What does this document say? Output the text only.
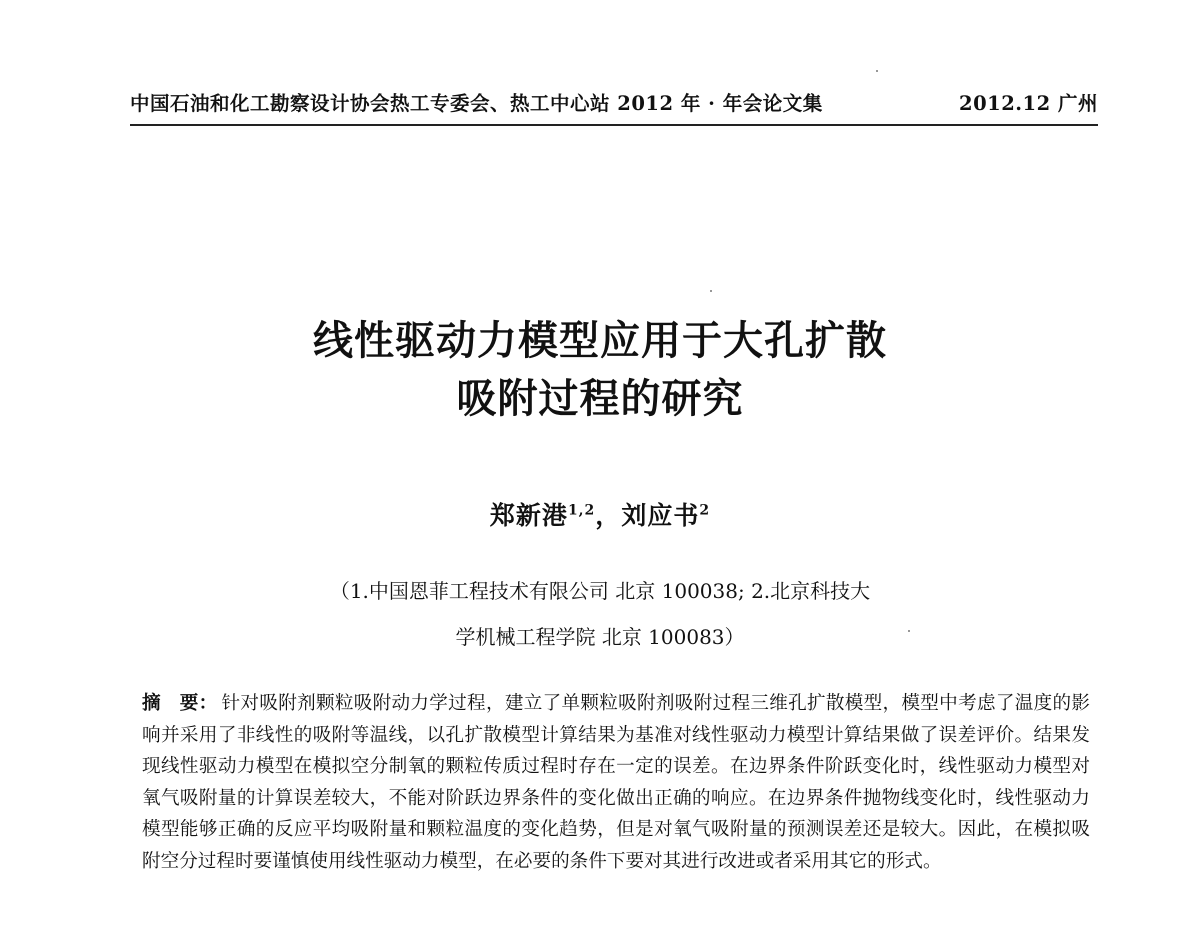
中国石油和化工勘察设计协会热工专委会、热工中心站 2012 年 · 年会论文集	2012.12 广州
线性驱动力模型应用于大孔扩散
吸附过程的研究
郑新港$^{1,2}$，刘应书$^2$
（1.中国恩菲工程技术有限公司 北京 100038; 2.北京科技大
学机械工程学院 北京 100083）
摘　要： 针对吸附剂颗粒吸附动力学过程，建立了单颗粒吸附剂吸附过程三维孔扩散模型，模型中考虑了温度的影响并采用了非线性的吸附等温线，以孔扩散模型计算结果为基准对线性驱动力模型计算结果做了误差评价。结果发现线性驱动力模型在模拟空分制氧的颗粒传质过程时存在一定的误差。在边界条件阶跃变化时，线性驱动力模型对氧气吸附量的计算误差较大，不能对阶跃边界条件的变化做出正确的响应。在边界条件抛物线变化时，线性驱动力模型能够正确的反应平均吸附量和颗粒温度的变化趋势，但是对氧气吸附量的预测误差还是较大。因此，在模拟吸附空分过程时要谨慎使用线性驱动力模型，在必要的条件下要对其进行改进或者采用其它的形式。
